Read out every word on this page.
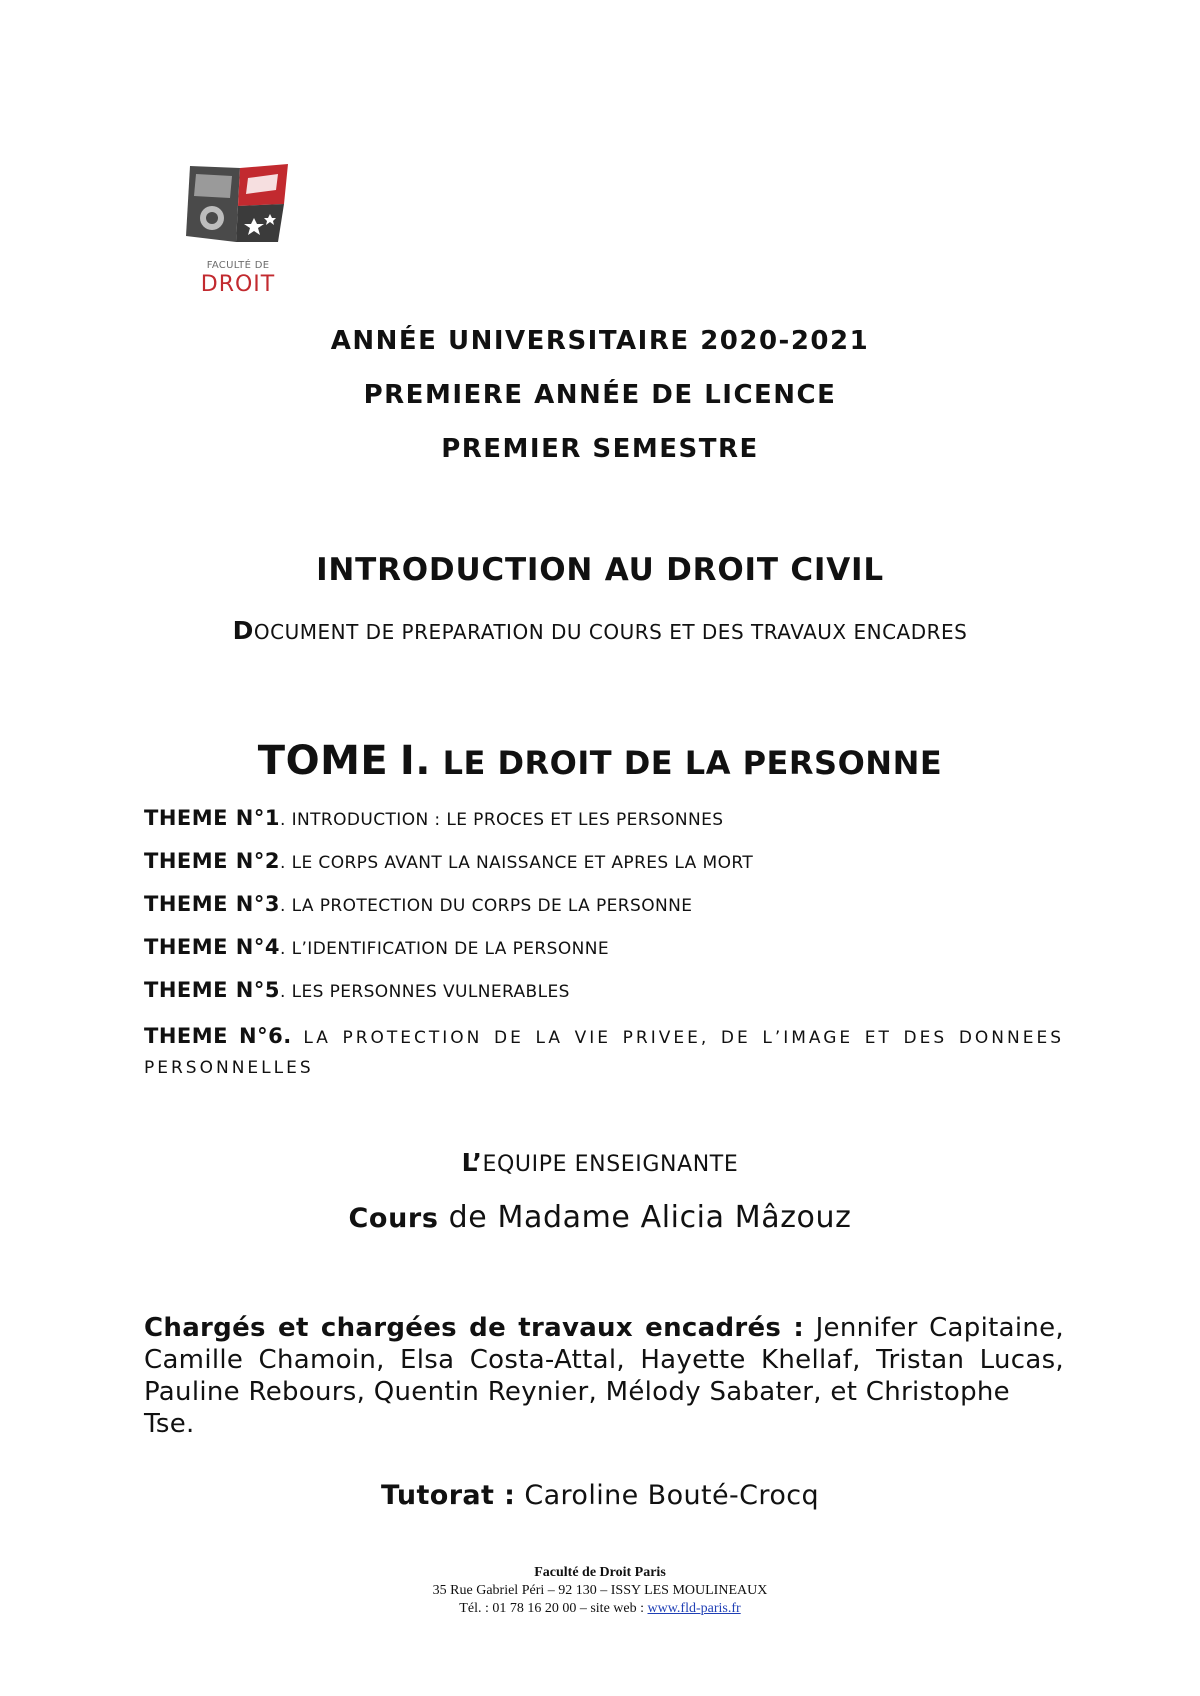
FACULTÉ DE
DROIT
ANNÉE UNIVERSITAIRE 2020-2021
PREMIERE ANNÉE DE LICENCE
PREMIER SEMESTRE
INTRODUCTION AU DROIT CIVIL
DOCUMENT DE PREPARATION DU COURS ET DES TRAVAUX ENCADRES
TOME I. LE DROIT DE LA PERSONNE
THEME N°1. INTRODUCTION : LE PROCES ET LES PERSONNES
THEME N°2. LE CORPS AVANT LA NAISSANCE ET APRES LA MORT
THEME N°3. LA PROTECTION DU CORPS DE LA PERSONNE
THEME N°4. L’IDENTIFICATION DE LA PERSONNE
THEME N°5. LES PERSONNES VULNERABLES
THEME N°6. LA PROTECTION DE LA VIE PRIVEE, DE L’IMAGE ET DES DONNEES PERSONNELLES
L’EQUIPE ENSEIGNANTE
Cours de Madame Alicia Mâzouz
Chargés et chargées de travaux encadrés : Jennifer Capitaine, Camille Chamoin, Elsa Costa-Attal, Hayette Khellaf, Tristan Lucas,
Pauline Rebours, Quentin Reynier, Mélody Sabater, et Christophe Tse.
Tutorat : Caroline Bouté-Crocq
Faculté de Droit Paris
35 Rue Gabriel Péri – 92 130 – ISSY LES MOULINEAUX
Tél. : 01 78 16 20 00 – site web : www.fld-paris.fr
